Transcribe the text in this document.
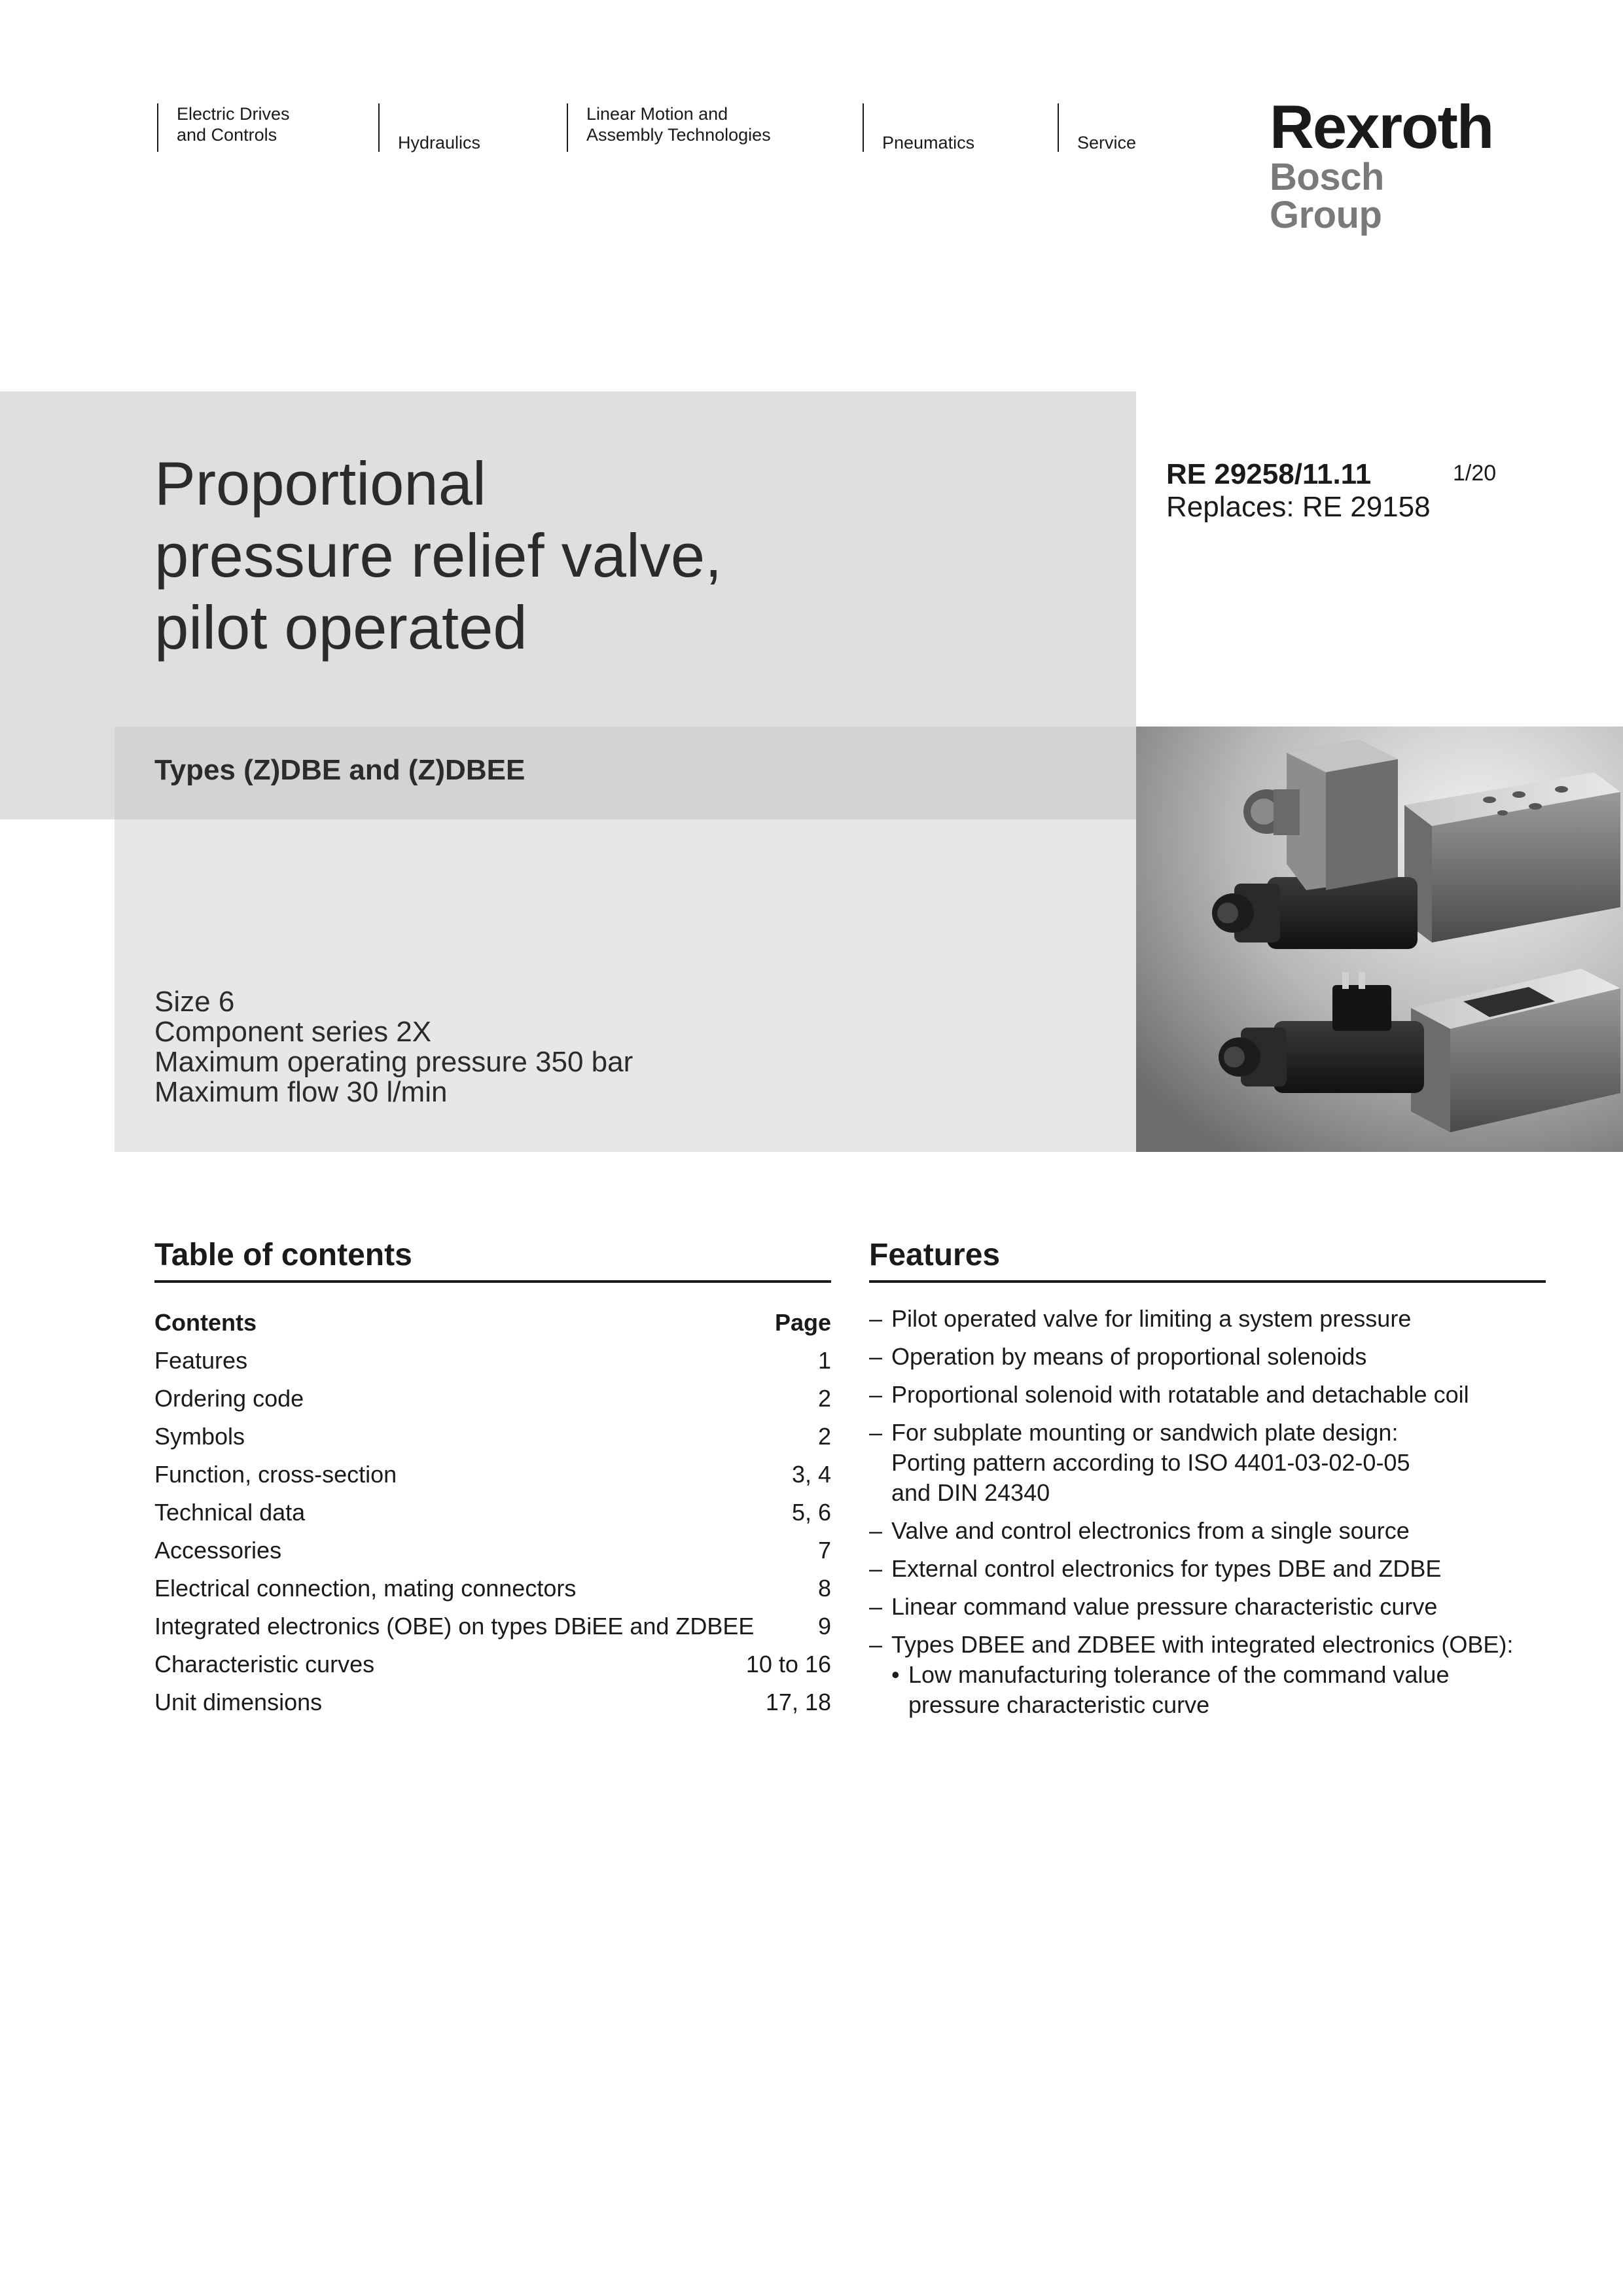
Electric Drives
and Controls	Hydraulics
Linear Motion and
Assembly Technologies	Pneumatics	Service Rexroth
Bosch Group
Proportional
pressure relief valve,
pilot operated
Types (Z)DBE and (Z)DBEE
Size 6
Component series 2X
Maximum operating pressure 350 bar
Maximum flow 30 l/min
RE 29258/11.11
Replaces: RE 29158
1/20
Table of contents
Contents	Page
Features	1
Ordering code	2
Symbols	2
Function, cross-section	3, 4
Technical data	5, 6
Accessories	7
Electrical connection, mating connectors	8
Integrated electronics (OBE) on types DBiEE and ZDBEE	9
Characteristic curves	10 to 16
Unit dimensions	17, 18
Features
– Pilot operated valve for limiting a system pressure
– Operation by means of proportional solenoids
– Proportional solenoid with rotatable and detachable coil
– For subplate mounting or sandwich plate design:
Porting pattern according to ISO 4401-03-02-0-05
and DIN 24340
– Valve and control electronics from a single source
– External control electronics for types DBE and ZDBE
– Linear command value pressure characteristic curve
– Types DBEE and ZDBEE with integrated electronics (OBE):
• Low manufacturing tolerance of the command value
pressure characteristic curve
